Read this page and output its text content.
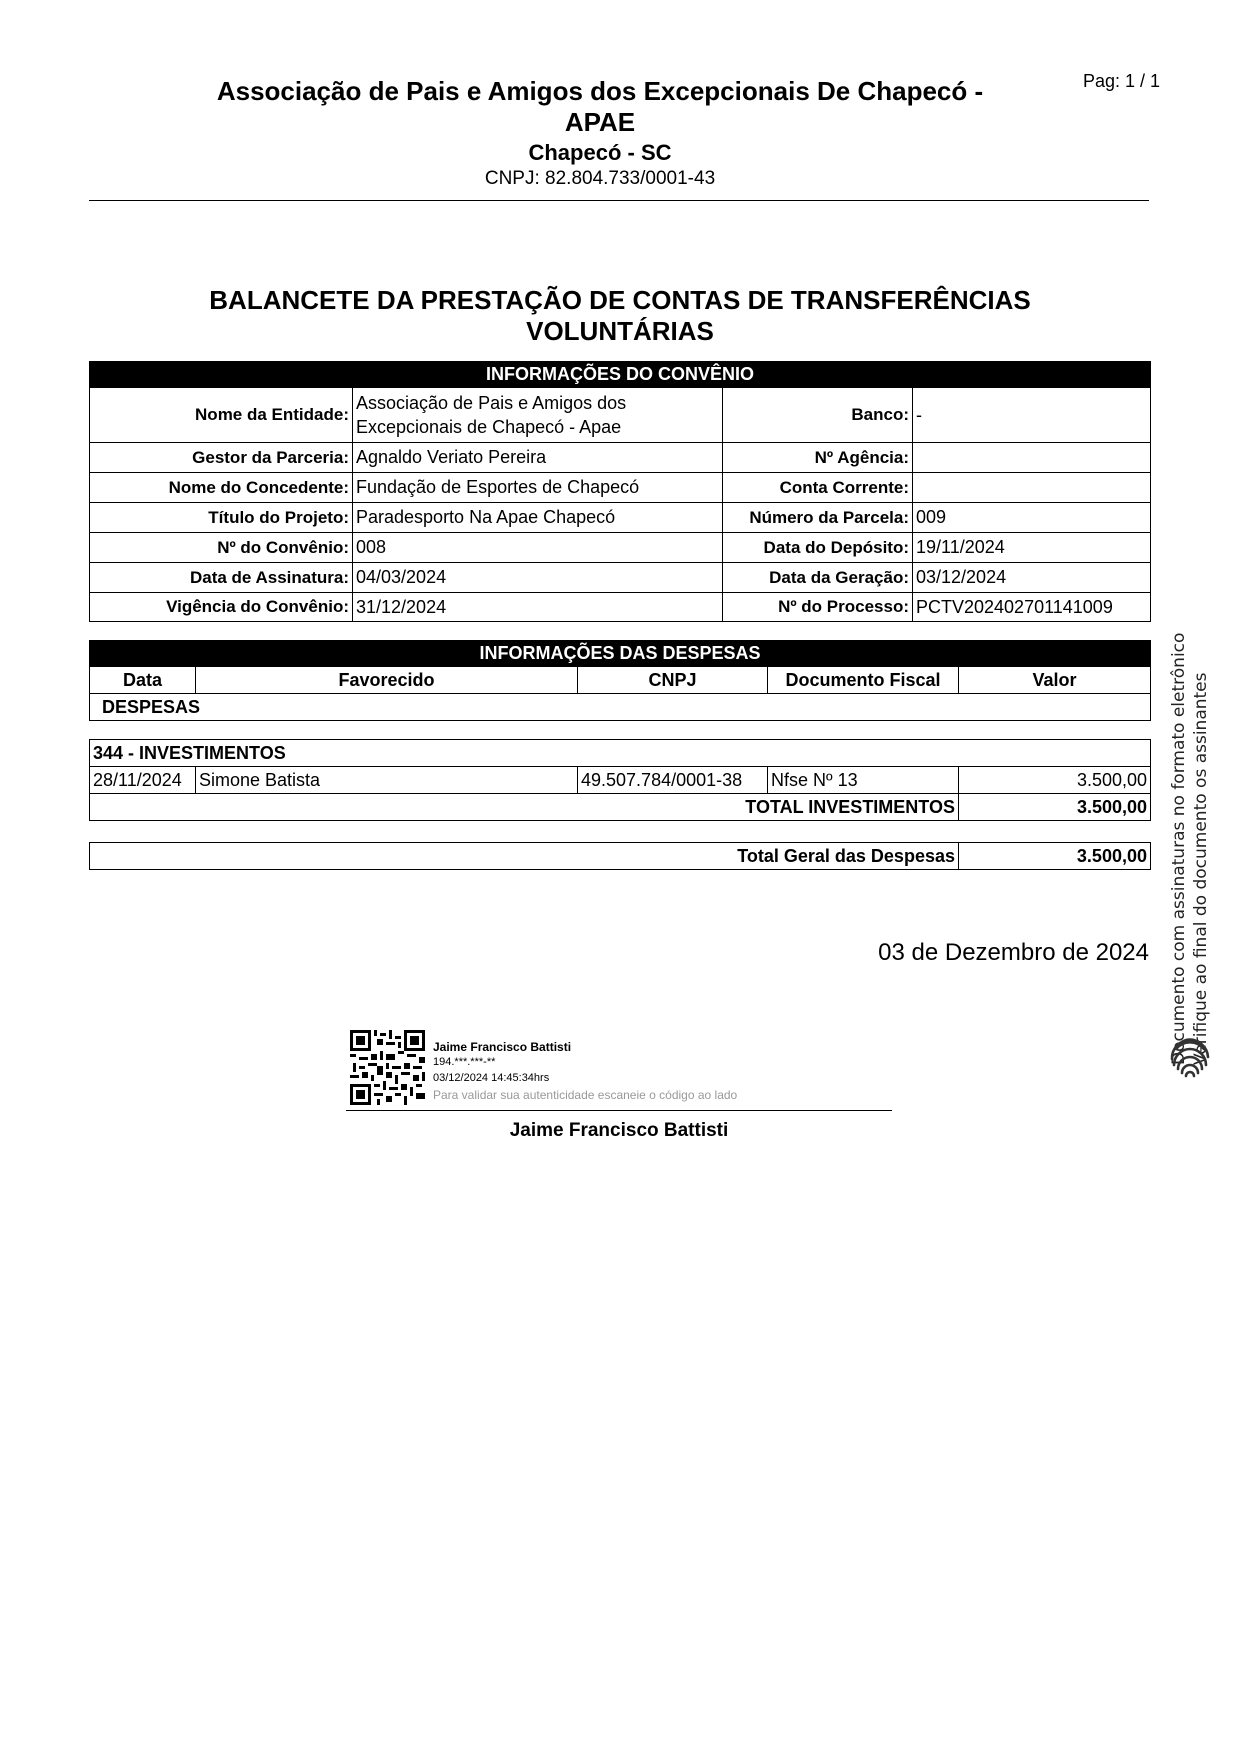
Associação de Pais e Amigos dos Excepcionais De Chapecó -
APAE
Chapecó - SC
CNPJ: 82.804.733/0001-43
Pag: 1 / 1
BALANCETE DA PRESTAÇÃO DE CONTAS DE TRANSFERÊNCIAS
VOLUNTÁRIAS
INFORMAÇÕES DO CONVÊNIO			
Nome da Entidade:	Associação de Pais e Amigos dos Excepcionais de Chapecó - Apae	Banco:	-
Gestor da Parceria:	Agnaldo Veriato Pereira	Nº Agência:	
Nome do Concedente:	Fundação de Esportes de Chapecó	Conta Corrente:	
Título do Projeto:	Paradesporto Na Apae Chapecó	Número da Parcela:	009
Nº do Convênio:	008	Data do Depósito:	19/11/2024
Data de Assinatura:	04/03/2024	Data da Geração:	03/12/2024
Vigência do Convênio:	31/12/2024	Nº do Processo:	PCTV202402701141009
INFORMAÇÕES DAS DESPESAS
Data	Favorecido	CNPJ	Documento Fiscal	Valor
DESPESAS
344 - INVESTIMENTOS				
28/11/2024	Simone Batista	49.507.784/0001-38	Nfse Nº 13	3.500,00
TOTAL INVESTIMENTOS				3.500,00
Total Geral das Despesas	3.500,00
03 de Dezembro de 2024
Jaime Francisco Battisti
194.***.***-**
03/12/2024 14:45:34hrs
Para validar sua autenticidade escaneie o código ao lado
Jaime Francisco Battisti
Documento com assinaturas no formato eletrônico Verifique ao final do documento os assinantes
